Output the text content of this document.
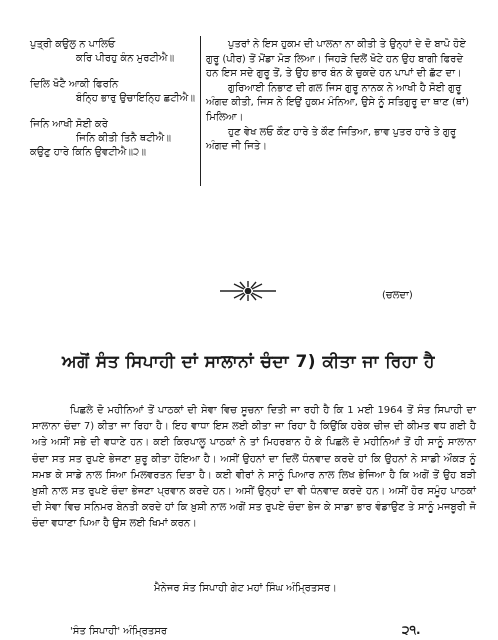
ਪੁਤ੍ਰੀ ਕਉਲੁ ਨ ਪਾਲਿਓ
ਕਰਿ ਪੀਰਹੁ ਕੰਨ ਮੁਰਟੀਐ॥
ਦਿਲਿ ਖੋਟੈ ਆਕੀ ਫਿਰਨਿ
ਬੰਨ੍ਹਿ ਭਾਰੁ ਉਚਾਇਨ੍ਹਿ ਛਟੀਐ॥
ਜਿਨਿ ਆਖੀ ਸੋਈ ਕਰੇ
ਜਿਨਿ ਕੀਤੀ ਤਿਨੈ ਥਟੀਐ॥
ਕਉਣੁ ਹਾਰੇ ਕਿਨਿ ਉਵਟੀਐ॥੨॥

ਪੁਤਰਾਂ ਨੇ ਇਸ ਹੁਕਮ ਦੀ ਪਾਲਨਾ ਨਾ ਕੀਤੀ ਤੇ ਉਨ੍ਹਾਂ ਦੇ ਦੋ ਬਾਪੋ ਹੋਏ ਗੁਰੂ (ਪੀਰ) ਤੋਂ ਮੋਂਡਾ ਮੋੜ ਲਿਆ। ਜਿਹੜੇ ਦਿਲੋਂ ਖੋਟੇ ਹਨ ਉਹ ਬਾਗੀ ਫਿਰਦੇ ਹਨ ਇਸ ਸਦੇ ਗੁਰੂ ਤੋਂ, ਤੇ ਉਹ ਭਾਰ ਬੰਨ ਕੇ ਚੁਕਦੇ ਹਨ ਪਾਪਾਂ ਦੀ ਛੱਟ ਦਾ।

ਗੁਰਿਆਈ ਨਿਭਾਣ ਦੀ ਗਲ ਜਿਸ ਗੁਰੂ ਨਾਨਕ ਨੇ ਆਖੀ ਹੈ ਸੋਈ ਗੁਰੂ ਅੰਗਦ ਕੀਤੀ, ਜਿਸ ਨੇ ਇਉਂ ਹੁਕਮ ਮੰਨਿਆ, ਉਸੇ ਨੂੰ ਸਤਿਗੁਰੂ ਦਾ ਥਾਣ (ਥਾਂ) ਮਿਲਿਆ।

ਹੁਣ ਵੇਖ ਲਓ ਕੌਣ ਹਾਰੇ ਤੇ ਕੌਣ ਜਿਤਿਆ, ਭਾਵ ਪੁਤਰ ਹਾਰੇ ਤੇ ਗੁਰੂ ਅੰਗਦ ਜੀ ਜਿਤੇ।

(ਚਲਦਾ)
ਅਗੋਂ ਸੰਤ ਸਿਪਾਹੀ ਦਾਂ ਸਾਲਾਨਾਂ ਚੰਦਾ 7) ਕੀਤਾ ਜਾ ਰਿਹਾ ਹੈ

ਪਿਛਲੇ ਦੋ ਮਹੀਨਿਆਂ ਤੋਂ ਪਾਠਕਾਂ ਦੀ ਸੇਵਾ ਵਿਚ ਸੂਚਨਾ ਦਿਤੀ ਜਾ ਰਹੀ ਹੈ ਕਿ 1 ਮਈ 1964 ਤੋਂ ਸੰਤ ਸਿਪਾਹੀ ਦਾ ਸਾਲਾਨਾ ਚੰਦਾ 7) ਕੀਤਾ ਜਾ ਰਿਹਾ ਹੈ। ਇਹ ਵਾਧਾ ਇਸ ਲਈ ਕੀਤਾ ਜਾ ਰਿਹਾ ਹੈ ਕਿਉਂਕਿ ਹਰੇਕ ਚੀਜ਼ ਦੀ ਕੀਮਤ ਵਧ ਗਈ ਹੈ ਅਤੇ ਅਸੀਂ ਸਭੇ ਦੀ ਵਧਾਣੇ ਹਨ। ਕਈ ਕਿਰਪਾਲੂ ਪਾਠਕਾਂ ਨੇ ਤਾਂ ਮਿਹਰਬਾਨ ਹੋ ਕੇ ਪਿਛਲੇ ਦੋ ਮਹੀਨਿਆਂ ਤੋਂ ਹੀ ਸਾਨੂੰ ਸਾਲਾਨਾ ਚੰਦਾ ਸਤ ਸਤ ਰੁਪਏ ਭੇਜਣਾ ਸ਼ੁਰੂ ਕੀਤਾ ਹੋਇਆ ਹੈ। ਅਸੀਂ ਉਹਨਾਂ ਦਾ ਦਿਲੋਂ ਧੰਨਵਾਦ ਕਰਦੇ ਹਾਂ ਕਿ ਉਹਨਾਂ ਨੇ ਸਾਡੀ ਔਕੜ ਨੂੰ ਸਮਝ ਕੇ ਸਾਡੇ ਨਾਲ ਸਿਆ ਮਿਲਵਰਤਨ ਦਿਤਾ ਹੈ। ਕਈ ਵੀਰਾਂ ਨੇ ਸਾਨੂੰ ਪਿਆਰ ਨਾਲ ਲਿਖ ਭੇਜਿਆ ਹੈ ਕਿ ਅਗੋਂ ਤੋਂ ਉਹ ਬੜੀ ਖ਼ੁਸ਼ੀ ਨਾਲ ਸਤ ਰੁਪਏ ਚੰਦਾ ਭੇਜਣਾ ਪ੍ਰਵਾਨ ਕਰਦੇ ਹਨ। ਅਸੀਂ ਉਨ੍ਹਾਂ ਦਾ ਵੀ ਧੰਨਵਾਦ ਕਰਦੇ ਹਨ। ਅਸੀਂ ਹੋਰ ਸਮੂੰਹ ਪਾਠਕਾਂ ਦੀ ਸੇਵਾ ਵਿਚ ਸਨਿਮਰ ਬੇਨਤੀ ਕਰਦੇ ਹਾਂ ਕਿ ਖ਼ੁਸ਼ੀ ਨਾਲ ਅਗੋਂ ਸਤ ਰੁਪਏ ਚੰਦਾ ਭੇਜ ਕੇ ਸਾਡਾ ਭਾਰ ਵੰਡਾਉਣ ਤੇ ਸਾਨੂੰ ਮਜਬੂਰੀ ਜੋ ਚੰਦਾ ਵਧਾਣਾ ਪਿਆ ਹੈ ਉਸ ਲਈ ਖਿਮਾਂ ਕਰਨ।

ਮੈਨੇਜਰ ਸੰਤ ਸਿਪਾਹੀ ਗੇਟ ਮਹਾਂ ਸਿੰਘ ਅੰਮ੍ਰਿਤਸਰ।
'ਸੰਤ ਸਿਪਾਹੀ' ਅੰਮ੍ਰਿਤਸਰ	੨੧.
